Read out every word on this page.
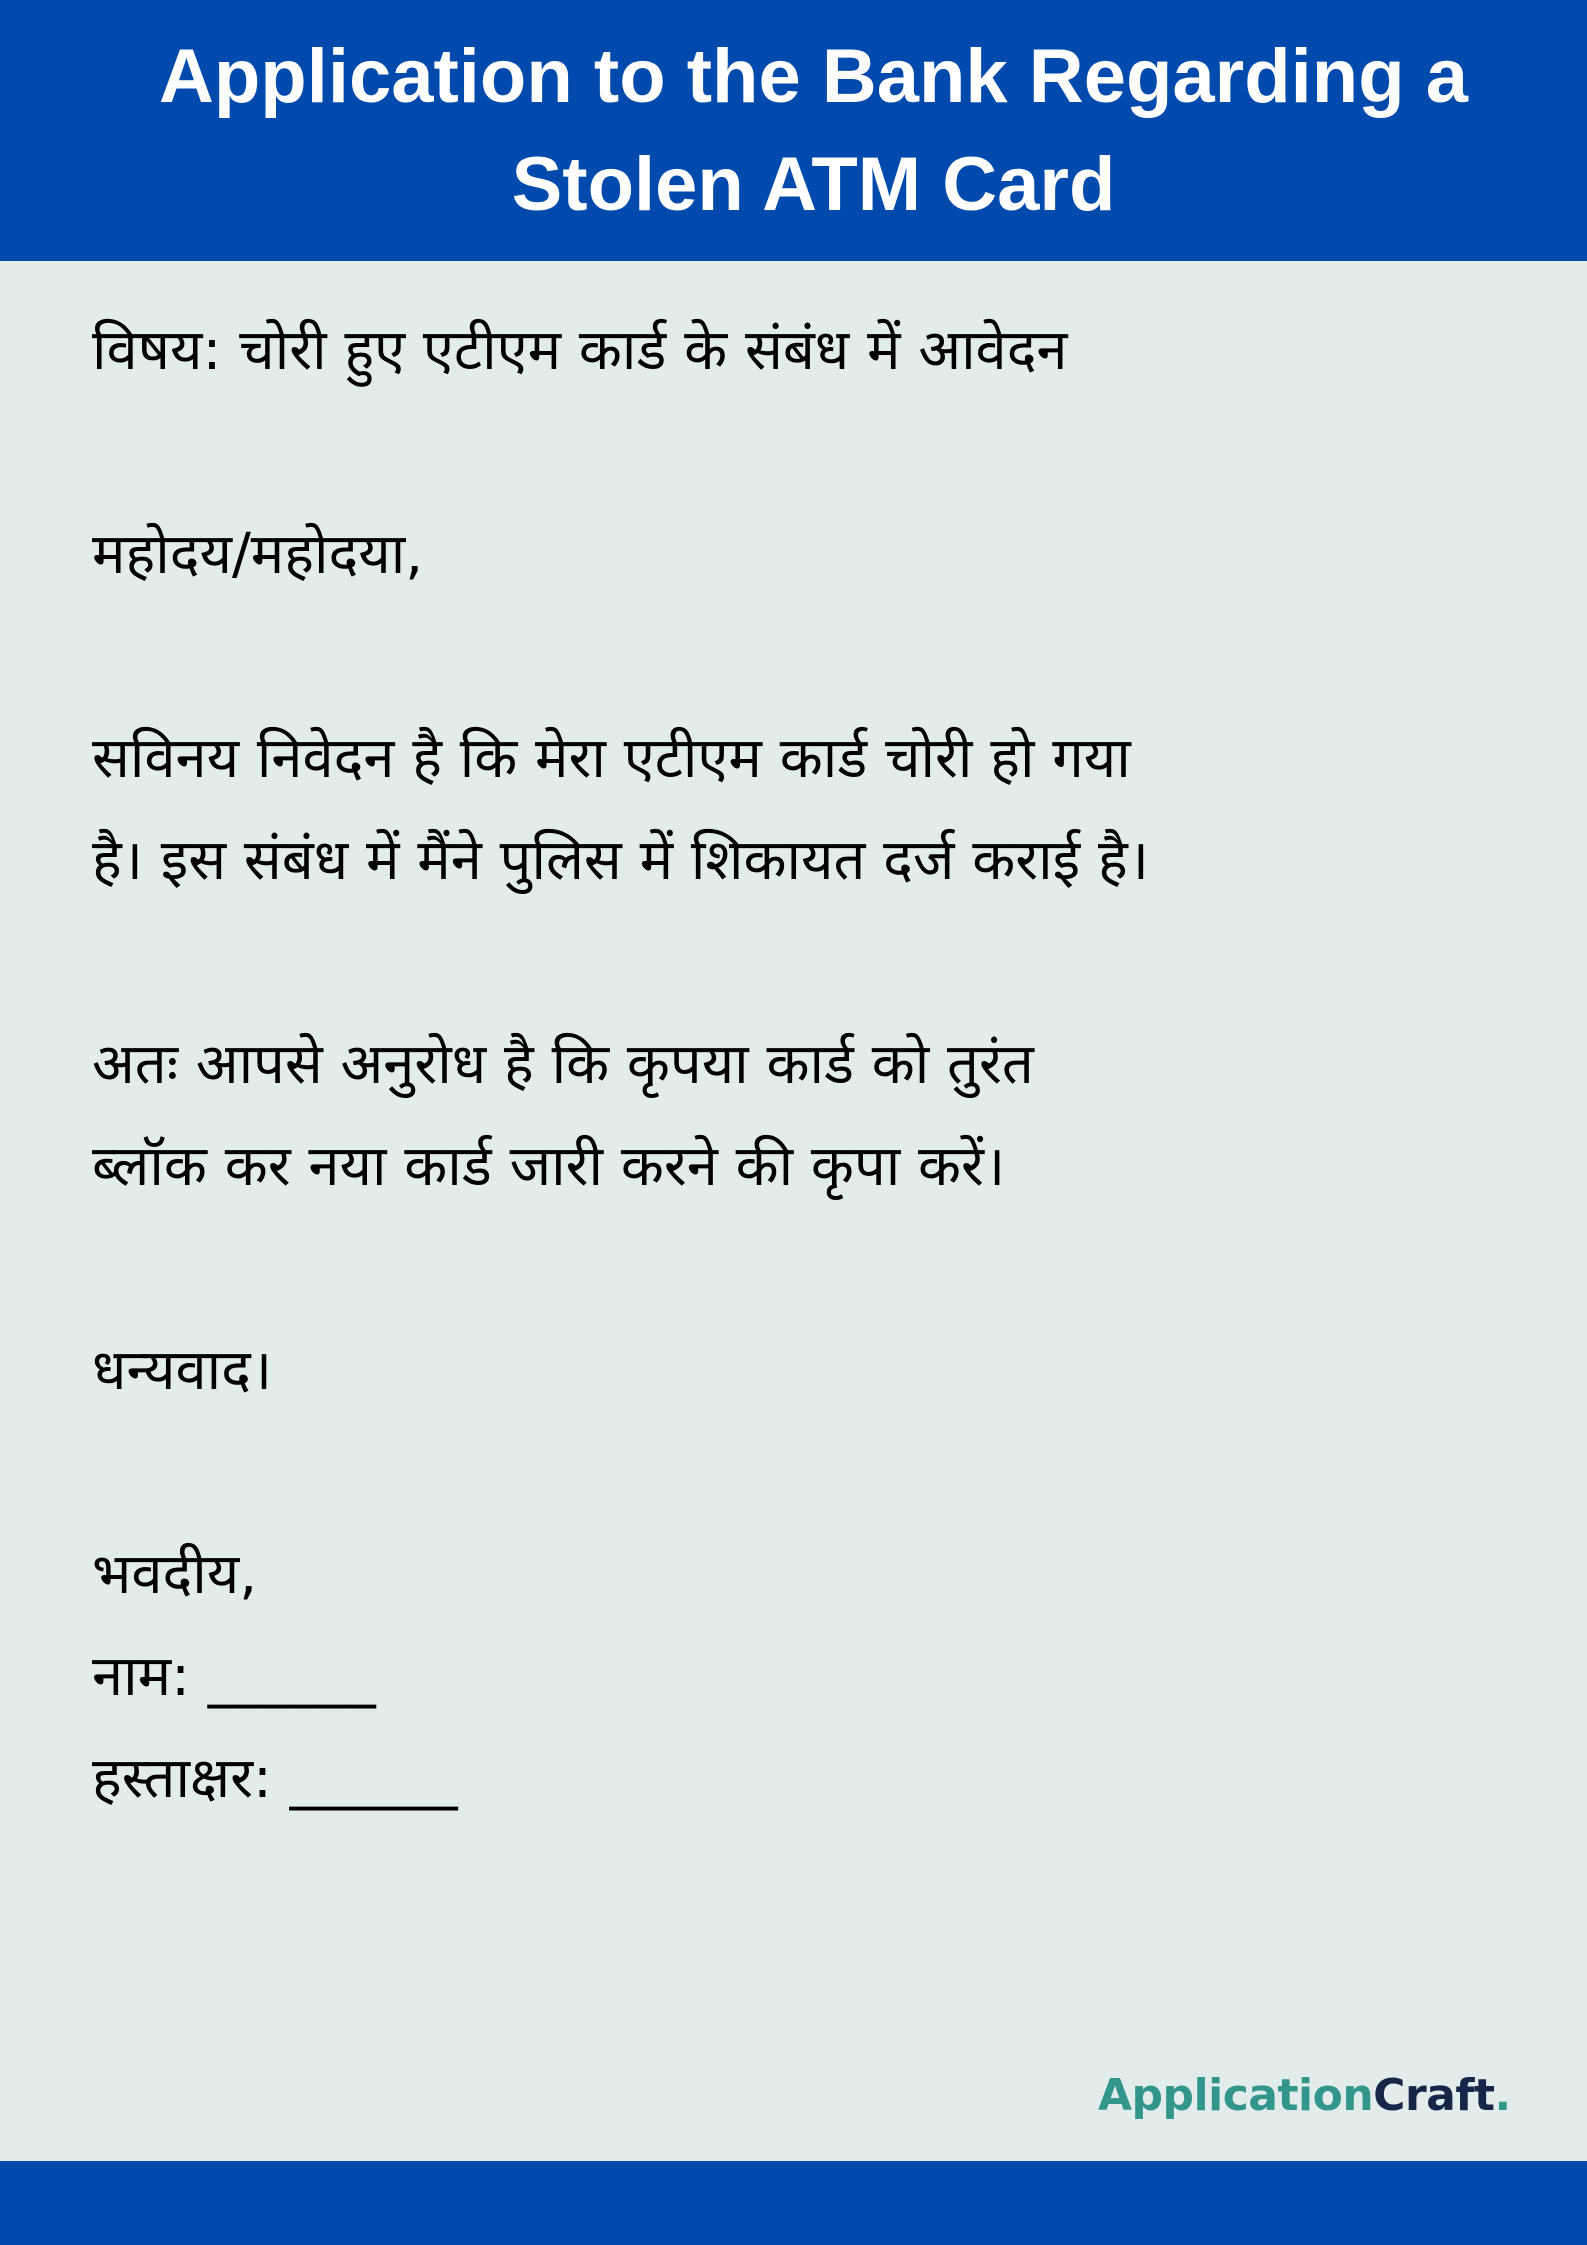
Application to the Bank Regarding a
Stolen ATM Card
विषय: चोरी हुए एटीएम कार्ड के संबंध में आवेदन
महोदय/महोदया,
सविनय निवेदन है कि मेरा एटीएम कार्ड चोरी हो गया
है। इस संबंध में मैंने पुलिस में शिकायत दर्ज कराई है।
अतः आपसे अनुरोध है कि कृपया कार्ड को तुरंत
ब्लॉक कर नया कार्ड जारी करने की कृपा करें।
धन्यवाद।
भवदीय,
नाम: ______
हस्ताक्षर: ______
ApplicationCraft.
